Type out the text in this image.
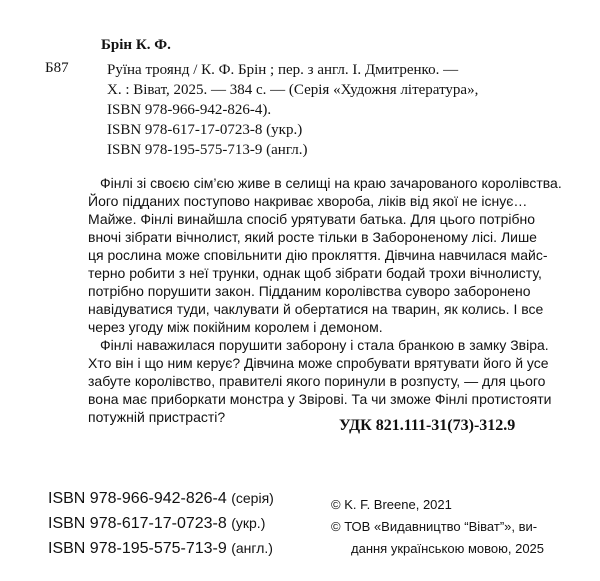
Брін К. Ф.
Б87	Руїна троянд / К. Ф. Брін ; пер. з англ. І. Дмитренко. —
Х. : Віват, 2025. — 384 с. — (Серія «Художня література»,
ISBN 978-966-942-826-4).
ISBN 978-617-17-0723-8 (укр.)
ISBN 978-195-575-713-9 (англ.)
Фінлі зі своєю сім’єю живе в селищі на краю зачарованого королівства.
Його підданих поступово накриває хвороба, ліків від якої не існує…
Майже. Фінлі винайшла спосіб урятувати батька. Для цього потрібно
вночі зібрати вічнолист, який росте тільки в Забороненому лісі. Лише
ця рослина може сповільнити дію прокляття. Дівчина навчилася майс-
терно робити з неї трунки, однак щоб зібрати бодай трохи вічнолисту,
потрібно порушити закон. Підданим королівства суворо заборонено
навідуватися туди, чаклувати й обертатися на тварин, як колись. І все
через угоду між покійним королем і демоном.
Фінлі наважилася порушити заборону і стала бранкою в замку Звіра.
Хто він і що ним керує? Дівчина може спробувати врятувати його й усе
забуте королівство, правителі якого поринули в розпусту, — для цього
вона має приборкати монстра у Звірові. Та чи зможе Фінлі протистояти
потужній пристрасті?	УДК 821.111-31(73)-312.9
ISBN 978-966-942-826-4 (серія)
ISBN 978-617-17-0723-8 (укр.)
ISBN 978-195-575-713-9 (англ.)
© K. F. Breene, 2021
© ТОВ «Видавництво “Віват”», ви-
дання українською мовою, 2025
